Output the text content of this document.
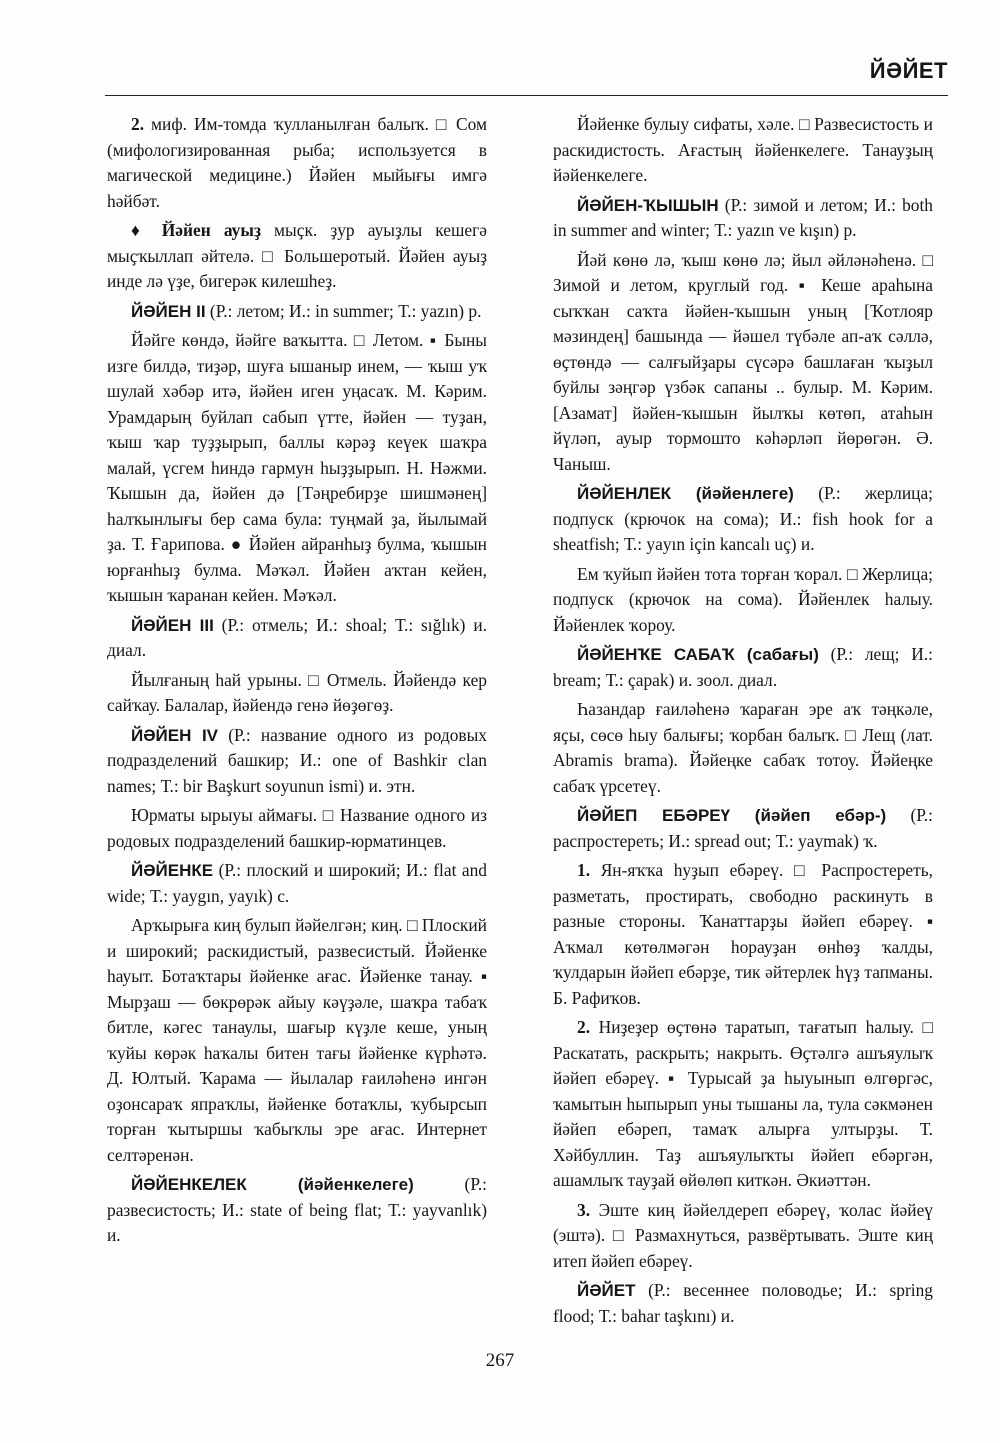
ЙӘЙЕТ

2. миф. Им-томда ҡулланылған балыҡ. □ Сом (мифологизированная рыба; используется в магической медицине.) Йәйен мыйығы имгә һәйбәт.

♦ Йәйен ауыҙ мыҫк. ҙур ауыҙлы кешегә мыҫҡыллап әйтелә. □ Большеротый. Йәйен ауыҙ инде лә үҙе, бигерәк килешһеҙ.

ЙӘЙЕН II (Р.: летом; И.: in summer; Т.: yazın) р.

Йәйге көндә, йәйге ваҡытта. □ Летом. ▪ Быны изге билдә, тиҙәр, шуға ышаныр инем, — ҡыш уҡ шулай хәбәр итә, йәйен иген уңасаҡ. М. Кәрим. Урамдарың буйлап сабып үтте, йәйен — туҙан, ҡыш ҡар туҙҙырып, баллы кәрәҙ кеүек шаҡра малай, үсгем һиндә гармун һыҙҙырып. Н. Нәжми. Ҡышын да, йәйен дә [Тәңребирҙе шишмәнең] һалҡынлығы бер сама була: туңмай ҙа, йылымай ҙа. Т. Ғарипова. ● Йәйен айранһыҙ булма, ҡышын юрғанһыҙ булма. Мәҡәл. Йәйен аҡтан кейен, ҡышын ҡаранан кейен. Мәҡәл.

ЙӘЙЕН III (Р.: отмель; И.: shoal; Т.: sığlık) и. диал.

Йылғаның һай урыны. □ Отмель. Йәйендә кер сайҡау. Балалар, йәйендә генә йөҙөгөҙ.

ЙӘЙЕН IV (Р.: название одного из родовых подразделений башкир; И.: one of Bashkir clan names; Т.: bir Başkurt soyunun ismi) и. этн.

Юрматы ырыуы аймағы. □ Название одного из родовых подразделений башкир-юрматинцев.

ЙӘЙЕНКЕ (Р.: плоский и широкий; И.: flat and wide; Т.: yaygın, yayık) с.

Арҡырыға киң булып йәйелгән; киң. □ Плоский и широкий; раскидистый, развесистый. Йәйенке һауыт. Ботаҡтары йәйенке ағас. Йәйенке танау. ▪ Мырҙаш — бөкрөрәк айыу кәүҙәле, шаҡра табаҡ битле, кәгес танаулы, шағыр күҙле кеше, уның ҡуйы көрәк һаҡалы битен тағы йәйенке күрһәтә. Д. Юлтый. Ҡарама — йылалар ғаиләһенә ингән оҙонсараҡ япраҡлы, йәйенке ботаҡлы, ҡубырсып торған ҡытыршы ҡабыҡлы эре ағас. Интернет селтәренән.

ЙӘЙЕНКЕЛЕК (йәйенкелеге) (Р.: развесистость; И.: state of being flat; Т.: yayvanlık) и.

Йәйенке булыу сифаты, хәле. □ Развесистость и раскидистость. Ағастың йәйенкелеге. Танауҙың йәйенкелеге.

ЙӘЙЕН-ҠЫШЫН (Р.: зимой и летом; И.: both in summer and winter; Т.: yazın ve kışın) р.

Йәй көнө лә, ҡыш көнө лә; йыл әйләнәһенә. □ Зимой и летом, круглый год. ▪ Кеше араһына сыҡҡан саҡта йәйен-ҡышын уның [Ҡотлояр мәзиндең] башында — йәшел түбәле ап-аҡ сәллә, өҫтөндә — салғыйҙары сүсәрә башлаған ҡыҙыл буйлы зәңгәр үзбәк сапаны .. булыр. М. Кәрим. [Азамат] йәйен-ҡышын йылҡы көтөп, атаһын йүләп, ауыр тормошто кәһәрләп йөрөгән. Ә. Чаныш.

ЙӘЙЕНЛЕК (йәйенлеге) (Р.: жерлица; подпуск (крючок на сома); И.: fish hook for a sheatfish; Т.: yayın için kancalı uç) и.

Ем ҡуйып йәйен тота торған ҡорал. □ Жерлица; подпуск (крючок на сома). Йәйенлек һалыу. Йәйенлек ҡороу.

ЙӘЙЕНҠЕ САБАҠ (сабағы) (Р.: лещ; И.: bream; Т.: çapak) и. зоол. диал.

Һазандар ғаиләһенә ҡараған эре аҡ тәңкәле, яҫы, сөсө һыу балығы; ҡорбан балыҡ. □ Лещ (лат. Abramis brama). Йәйеңке сабаҡ тотоу. Йәйеңке сабаҡ үрсетеү.

ЙӘЙЕП ЕБӘРЕҮ (йәйеп ебәр-) (Р.: распростереть; И.: spread out; Т.: yaymak) ҡ.

1. Ян-яҡҡа һуҙып ебәреү. □ Распростереть, разметать, простирать, свободно раскинуть в разные стороны. Ҡанаттарҙы йәйеп ебәреү. ▪ Аҡмал көтөлмәгән һорауҙан өнһөҙ ҡалды, ҡулдарын йәйеп ебәрҙе, тик әйтерлек һүҙ тапманы. Б. Рафиҡов.

2. Ниҙеҙер өҫтөнә таратып, тағатып һалыу. □ Раскатать, раскрыть; накрыть. Өҫтәлгә ашъяулыҡ йәйеп ебәреү. ▪ Турысай ҙа һыуынып өлгөргәс, ҡамытын һыпырып уны тышаны ла, тула сәкмәнен йәйеп ебәреп, тамаҡ алырға ултырҙы. Т. Хәйбуллин. Таҙ ашъяулыҡты йәйеп ебәргән, ашамлыҡ тауҙай өйөлөп киткән. Әкиәттән.

3. Эште киң йәйелдереп ебәреү, ҡолас йәйеү (эштә). □ Размахнуться, развёртывать. Эште киң итеп йәйеп ебәреү.

ЙӘЙЕТ (Р.: весеннее половодье; И.: spring flood; Т.: bahar taşkını) и.

267
